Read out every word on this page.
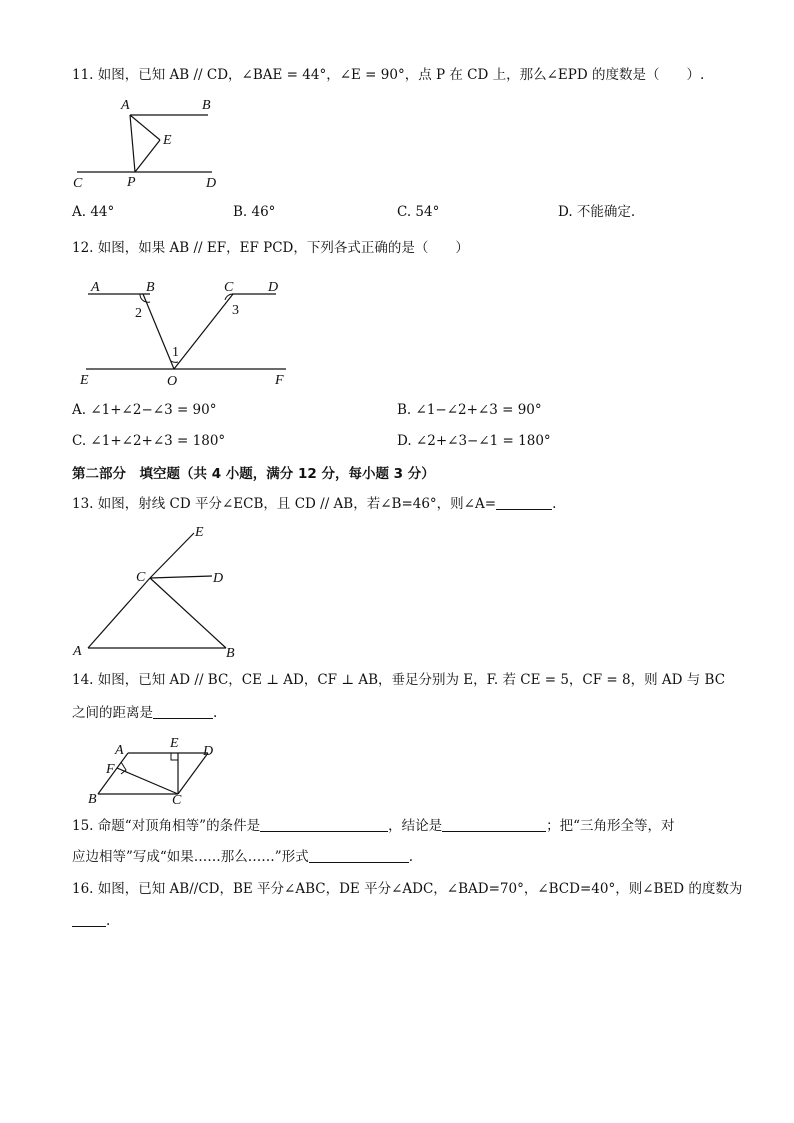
11. 如图，已知 AB // CD，∠BAE = 44°，∠E = 90°，点 P 在 CD 上，那么∠EPD 的度数是（　　）.
A	B
E
C	P	D
A. 44°	B. 46°	C. 54°	D. 不能确定.
12. 如图，如果 AB // EF，EF PCD，下列各式正确的是（　　）
A	B	C D
2	3
1
E	O	F
A. ∠1+∠2−∠3 = 90°	B. ∠1−∠2+∠3 = 90°
C. ∠1+∠2+∠3 = 180°	D. ∠2+∠3−∠1 = 180°
第二部分　填空题（共 4 小题，满分 12 分，每小题 3 分）
13. 如图，射线 CD 平分∠ECB，且 CD // AB，若∠B=46°，则∠A=	.
E
C	D
A	B
14. 如图，已知 AD // BC，CE ⊥ AD，CF ⊥ AB，垂足分别为 E，F. 若 CE = 5，CF = 8，则 AD 与 BC
之间的距离是	.
A	E
D
F
B	C
15. 命题“对顶角相等”的条件是	，结论是	；把“三角形全等，对
应边相等”写成“如果……那么……”形式	.
16. 如图，已知 AB//CD，BE 平分∠ABC，DE 平分∠ADC，∠BAD=70°，∠BCD=40°，则∠BED 的度数为
.
